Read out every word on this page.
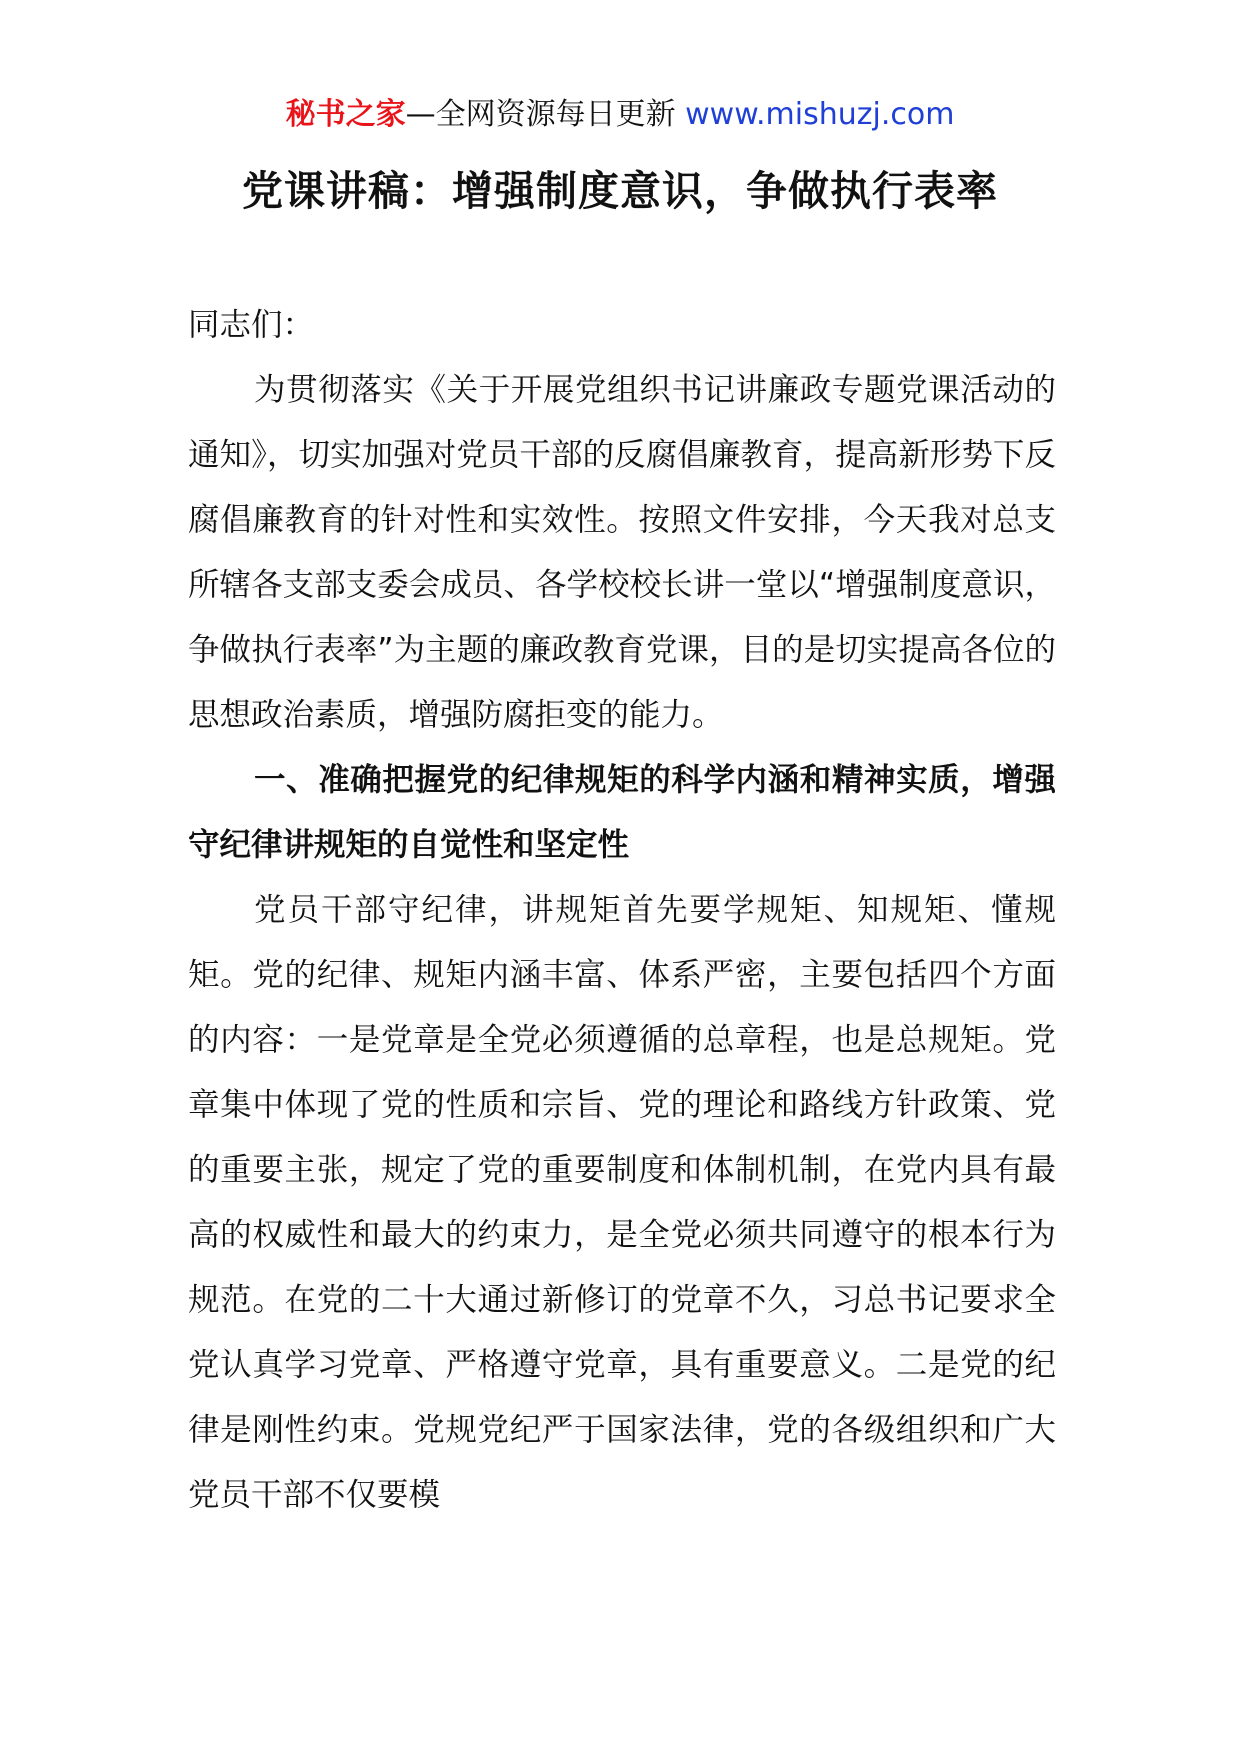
秘书之家—全网资源每日更新 www.mishuzj.com
党课讲稿：增强制度意识，争做执行表率

同志们：

为贯彻落实《关于开展党组织书记讲廉政专题党课活动的通知》，切实加强对党员干部的反腐倡廉教育，提高新形势下反腐倡廉教育的针对性和实效性。按照文件安排，今天我对总支所辖各支部支委会成员、各学校校长讲一堂以“增强制度意识，争做执行表率”为主题的廉政教育党课，目的是切实提高各位的思想政治素质，增强防腐拒变的能力。

一、准确把握党的纪律规矩的科学内涵和精神实质，增强守纪律讲规矩的自觉性和坚定性

党员干部守纪律，讲规矩首先要学规矩、知规矩、懂规矩。党的纪律、规矩内涵丰富、体系严密，主要包括四个方面的内容：一是党章是全党必须遵循的总章程，也是总规矩。党章集中体现了党的性质和宗旨、党的理论和路线方针政策、党的重要主张，规定了党的重要制度和体制机制，在党内具有最高的权威性和最大的约束力，是全党必须共同遵守的根本行为规范。在党的二十大通过新修订的党章不久，习总书记要求全党认真学习党章、严格遵守党章，具有重要意义。二是党的纪律是刚性约束。党规党纪严于国家法律，党的各级组织和广大党员干部不仅要模
